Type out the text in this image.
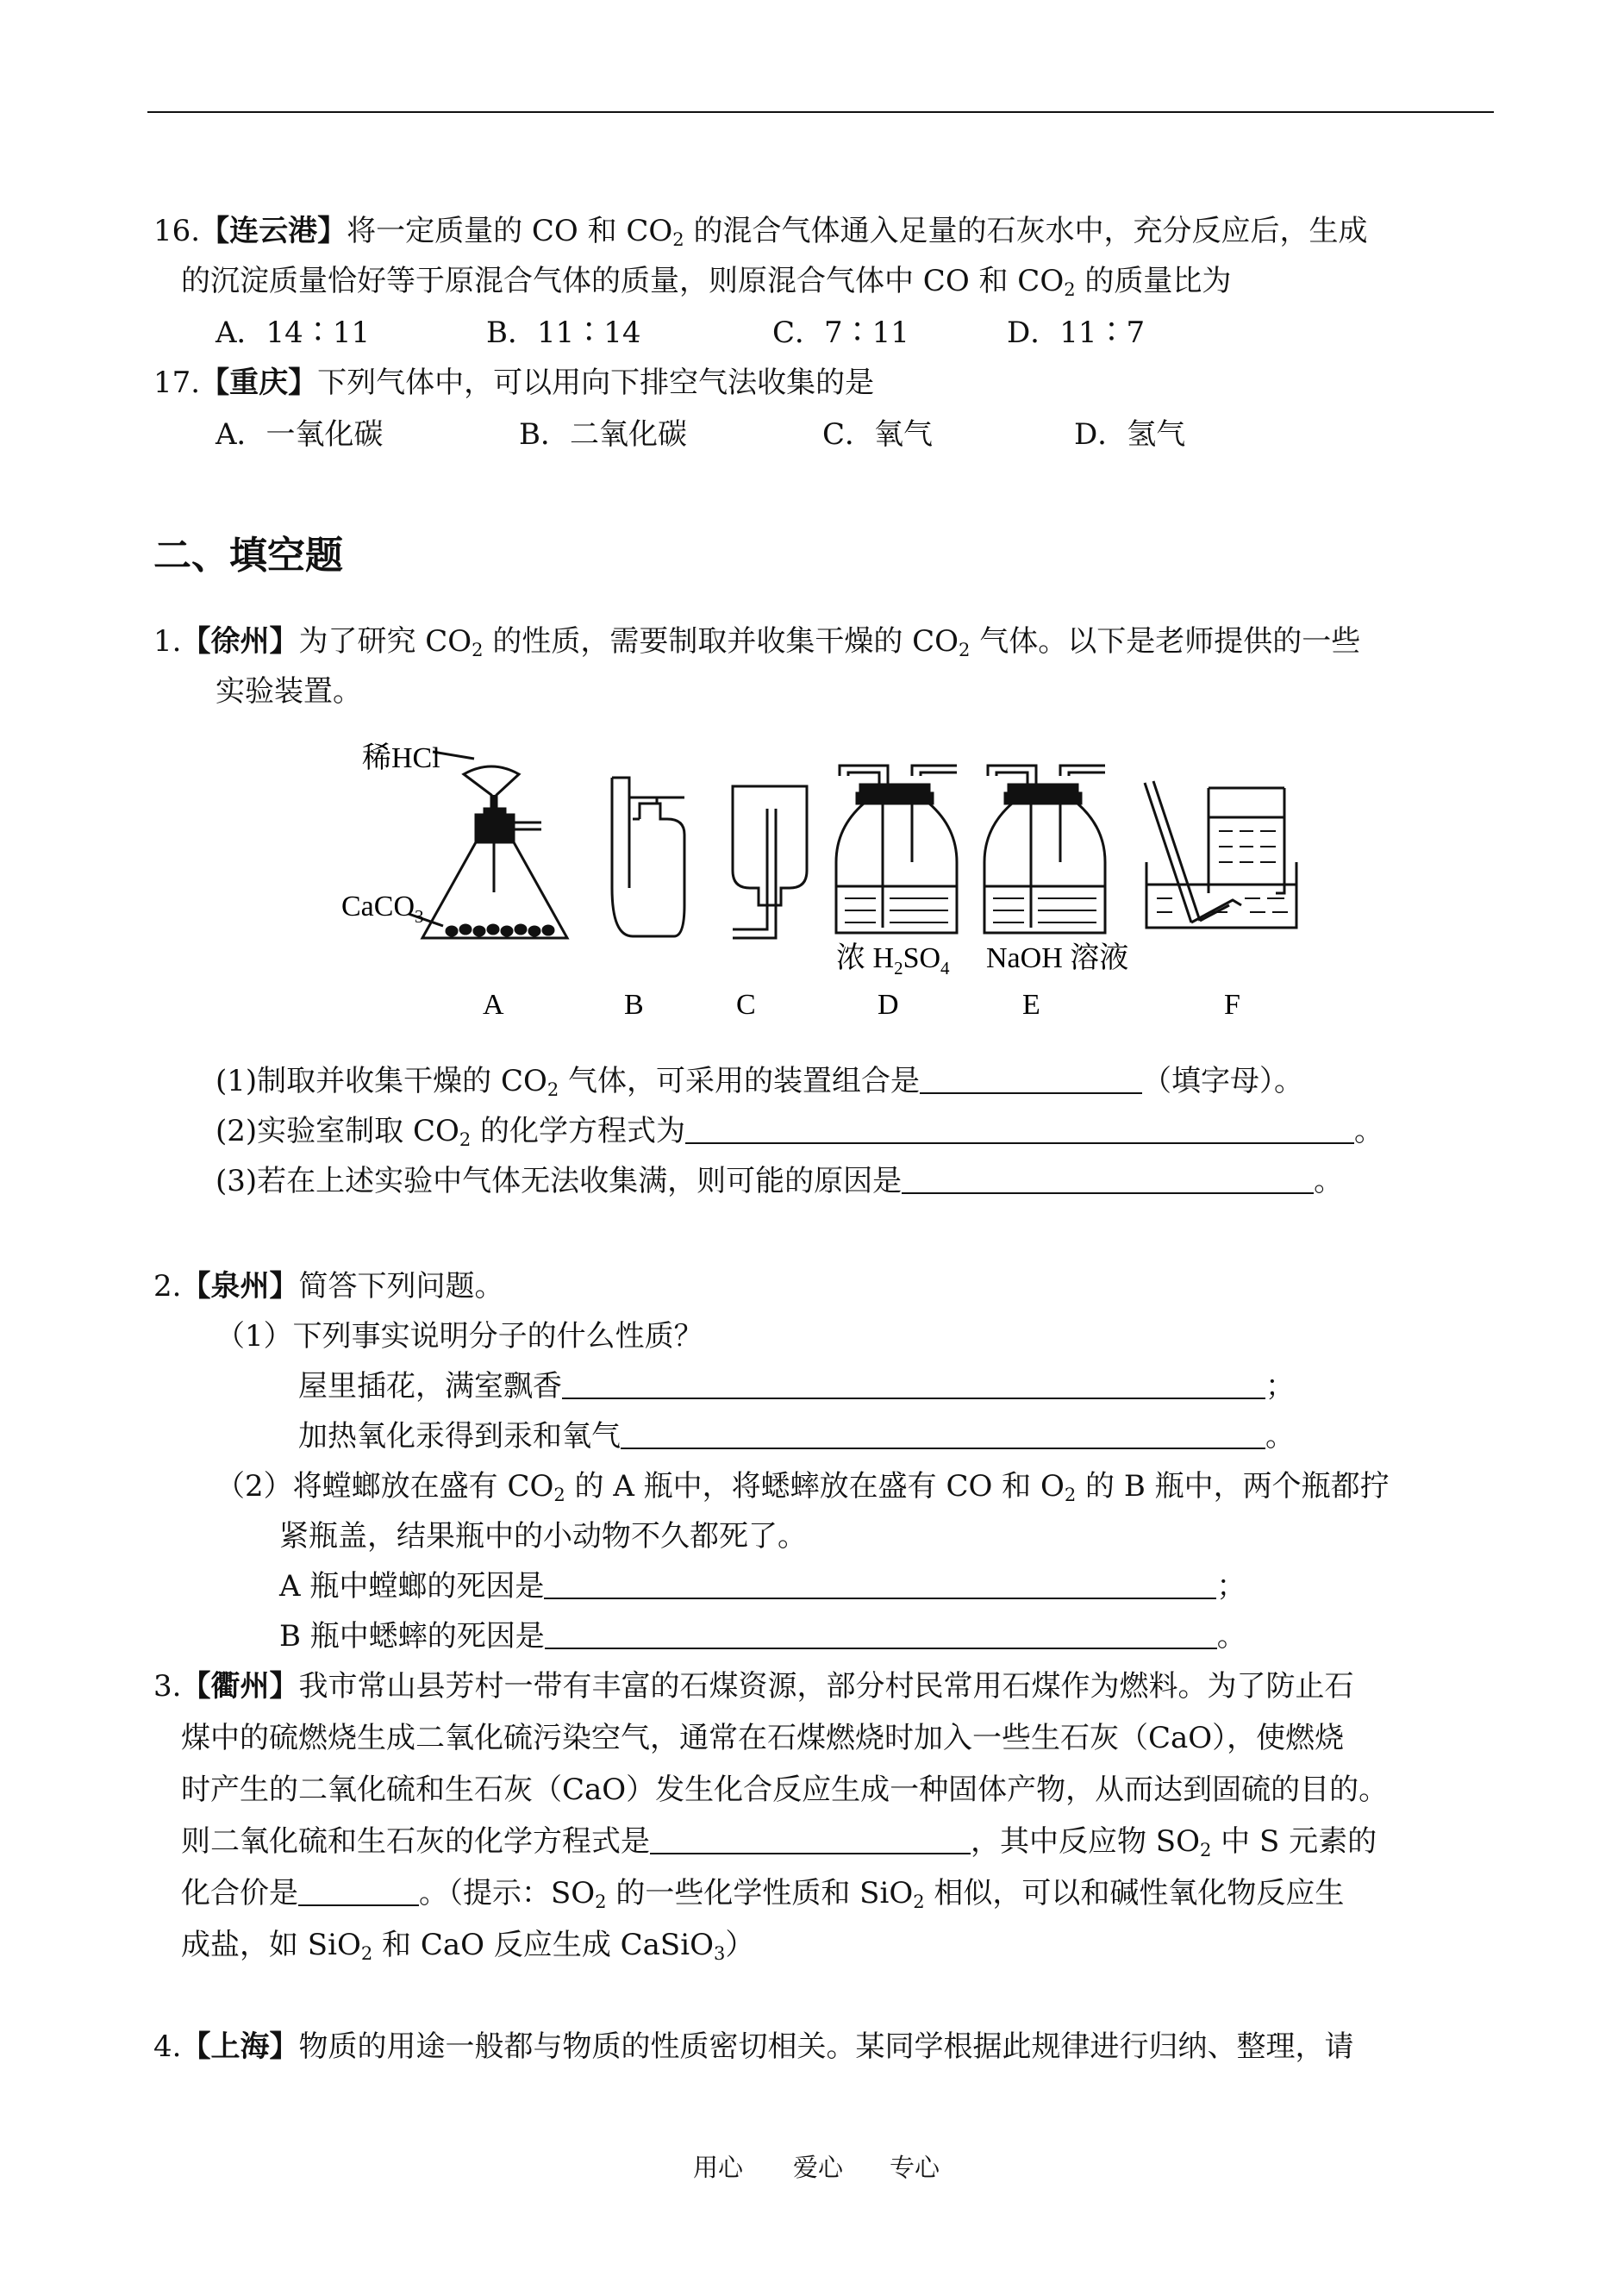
16.【连云港】将一定质量的 CO 和 $CO_2$ 的混合气体通入足量的石灰水中，充分反应后，生成
的沉淀质量恰好等于原混合气体的质量，则原混合气体中 CO 和 $CO_2$ 的质量比为
A．14∶11	B．11∶14	C．7∶11	D．11∶7
17.【重庆】下列气体中，可以用向下排空气法收集的是
A．一氧化碳	B．二氧化碳	C．氧气	D．氢气
二、填空题
1.【徐州】为了研究 $CO_2$ 的性质，需要制取并收集干燥的 $CO_2$ 气体。以下是老师提供的一些
实验装置。
稀HCl
CaCO$_3$
浓 $H_2SO_4$ NaOH 溶液
A	B	C	D	E	F
(1)制取并收集干燥的 $CO_2$ 气体，可采用的装置组合是	（填字母）。
(2)实验室制取 $CO_2$ 的化学方程式为	。
(3)若在上述实验中气体无法收集满，则可能的原因是	。
2.【泉州】简答下列问题。
（1）下列事实说明分子的什么性质？
屋里插花，满室飘香	；
加热氧化汞得到汞和氧气	。
（2）将螳螂放在盛有 $CO_2$ 的 A 瓶中，将蟋蟀放在盛有 CO 和 $O_2$ 的 B 瓶中，两个瓶都拧
紧瓶盖，结果瓶中的小动物不久都死了。
A 瓶中螳螂的死因是	；
B 瓶中蟋蟀的死因是	。
3.【衢州】我市常山县芳村一带有丰富的石煤资源，部分村民常用石煤作为燃料。为了防止石
煤中的硫燃烧生成二氧化硫污染空气，通常在石煤燃烧时加入一些生石灰（CaO），使燃烧
时产生的二氧化硫和生石灰（CaO）发生化合反应生成一种固体产物，从而达到固硫的目的。
则二氧化硫和生石灰的化学方程式是	，其中反应物 $SO_2$ 中 S 元素的
化合价是	。（提示：$SO_2$ 的一些化学性质和 SiO$_2$ 相似，可以和碱性氧化物反应生
成盐，如 SiO$_2$ 和 CaO 反应生成 CaSiO$_3$）
4.【上海】物质的用途一般都与物质的性质密切相关。某同学根据此规律进行归纳、整理，请
用心 爱心 专心
